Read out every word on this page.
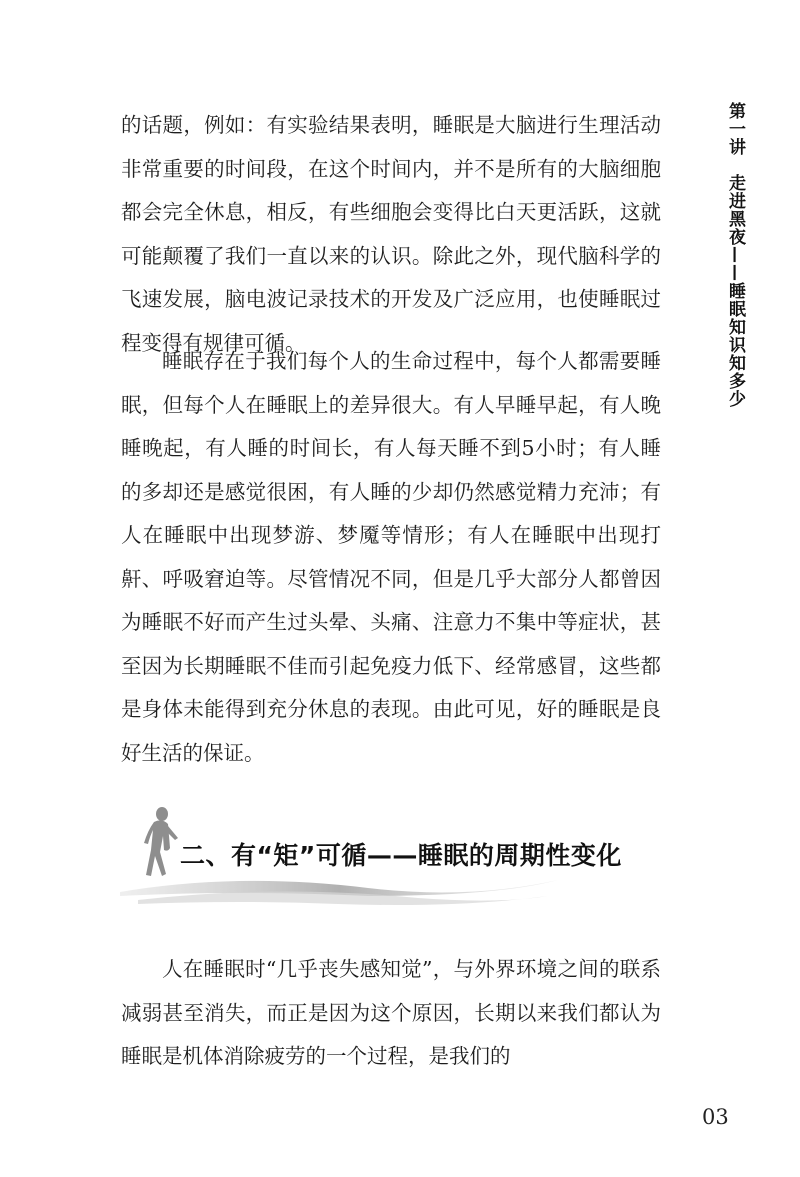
第一讲走进黑夜——睡眠知识知多少

的话题，例如：有实验结果表明，睡眠是大脑进行生理活动非常重要的时间段，在这个时间内，并不是所有的大脑细胞都会完全休息，相反，有些细胞会变得比白天更活跃，这就可能颠覆了我们一直以来的认识。除此之外，现代脑科学的飞速发展，脑电波记录技术的开发及广泛应用，也使睡眠过程变得有规律可循。

睡眠存在于我们每个人的生命过程中，每个人都需要睡眠，但每个人在睡眠上的差异很大。有人早睡早起，有人晚睡晚起，有人睡的时间长，有人每天睡不到5小时；有人睡的多却还是感觉很困，有人睡的少却仍然感觉精力充沛；有人在睡眠中出现梦游、梦魇等情形；有人在睡眠中出现打鼾、呼吸窘迫等。尽管情况不同，但是几乎大部分人都曾因为睡眠不好而产生过头晕、头痛、注意力不集中等症状，甚至因为长期睡眠不佳而引起免疫力低下、经常感冒，这些都是身体未能得到充分休息的表现。由此可见，好的睡眠是良好生活的保证。

二、有“矩”可循——睡眠的周期性变化

人在睡眠时“几乎丧失感知觉”，与外界环境之间的联系减弱甚至消失，而正是因为这个原因，长期以来我们都认为睡眠是机体消除疲劳的一个过程，是我们的

03
